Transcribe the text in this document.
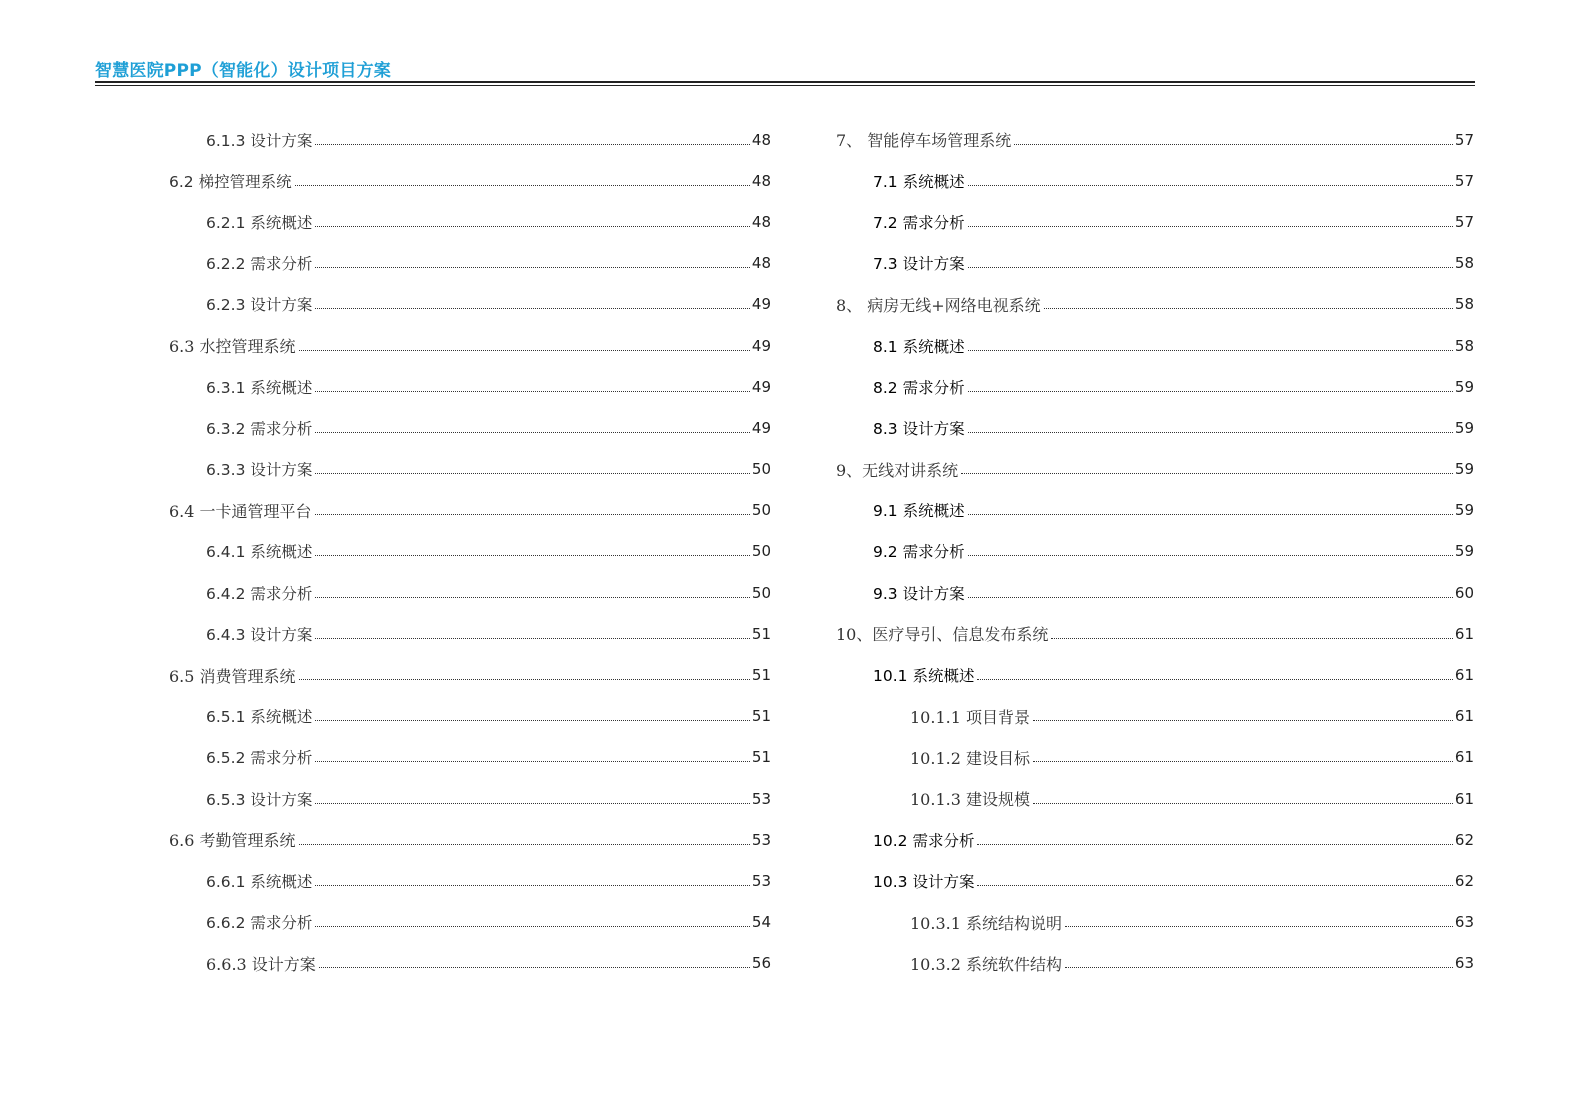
智慧医院PPP（智能化）设计项目方案
6.1.3 设计方案	48
6.2 梯控管理系统	48
6.2.1 系统概述	48
6.2.2 需求分析	48
6.2.3 设计方案	49
6.3 水控管理系统	49
6.3.1 系统概述	49
6.3.2 需求分析	49
6.3.3 设计方案	50
6.4 一卡通管理平台	50
6.4.1 系统概述	50
6.4.2 需求分析	50
6.4.3 设计方案	51
6.5 消费管理系统	51
6.5.1 系统概述	51
6.5.2 需求分析	51
6.5.3 设计方案	53
6.6 考勤管理系统	53
6.6.1 系统概述	53
6.6.2 需求分析	54
6.6.3 设计方案	56
7、 智能停车场管理系统	57
7.1 系统概述	57
7.2 需求分析	57
7.3 设计方案	58
8、 病房无线+网络电视系统	58
8.1 系统概述	58
8.2 需求分析	59
8.3 设计方案	59
9、无线对讲系统	59
9.1 系统概述	59
9.2 需求分析	59
9.3 设计方案	60
10、医疗导引、信息发布系统	61
10.1 系统概述	61
10.1.1 项目背景	61
10.1.2 建设目标	61
10.1.3 建设规模	61
10.2 需求分析	62
10.3 设计方案	62
10.3.1 系统结构说明	63
10.3.2 系统软件结构	63
